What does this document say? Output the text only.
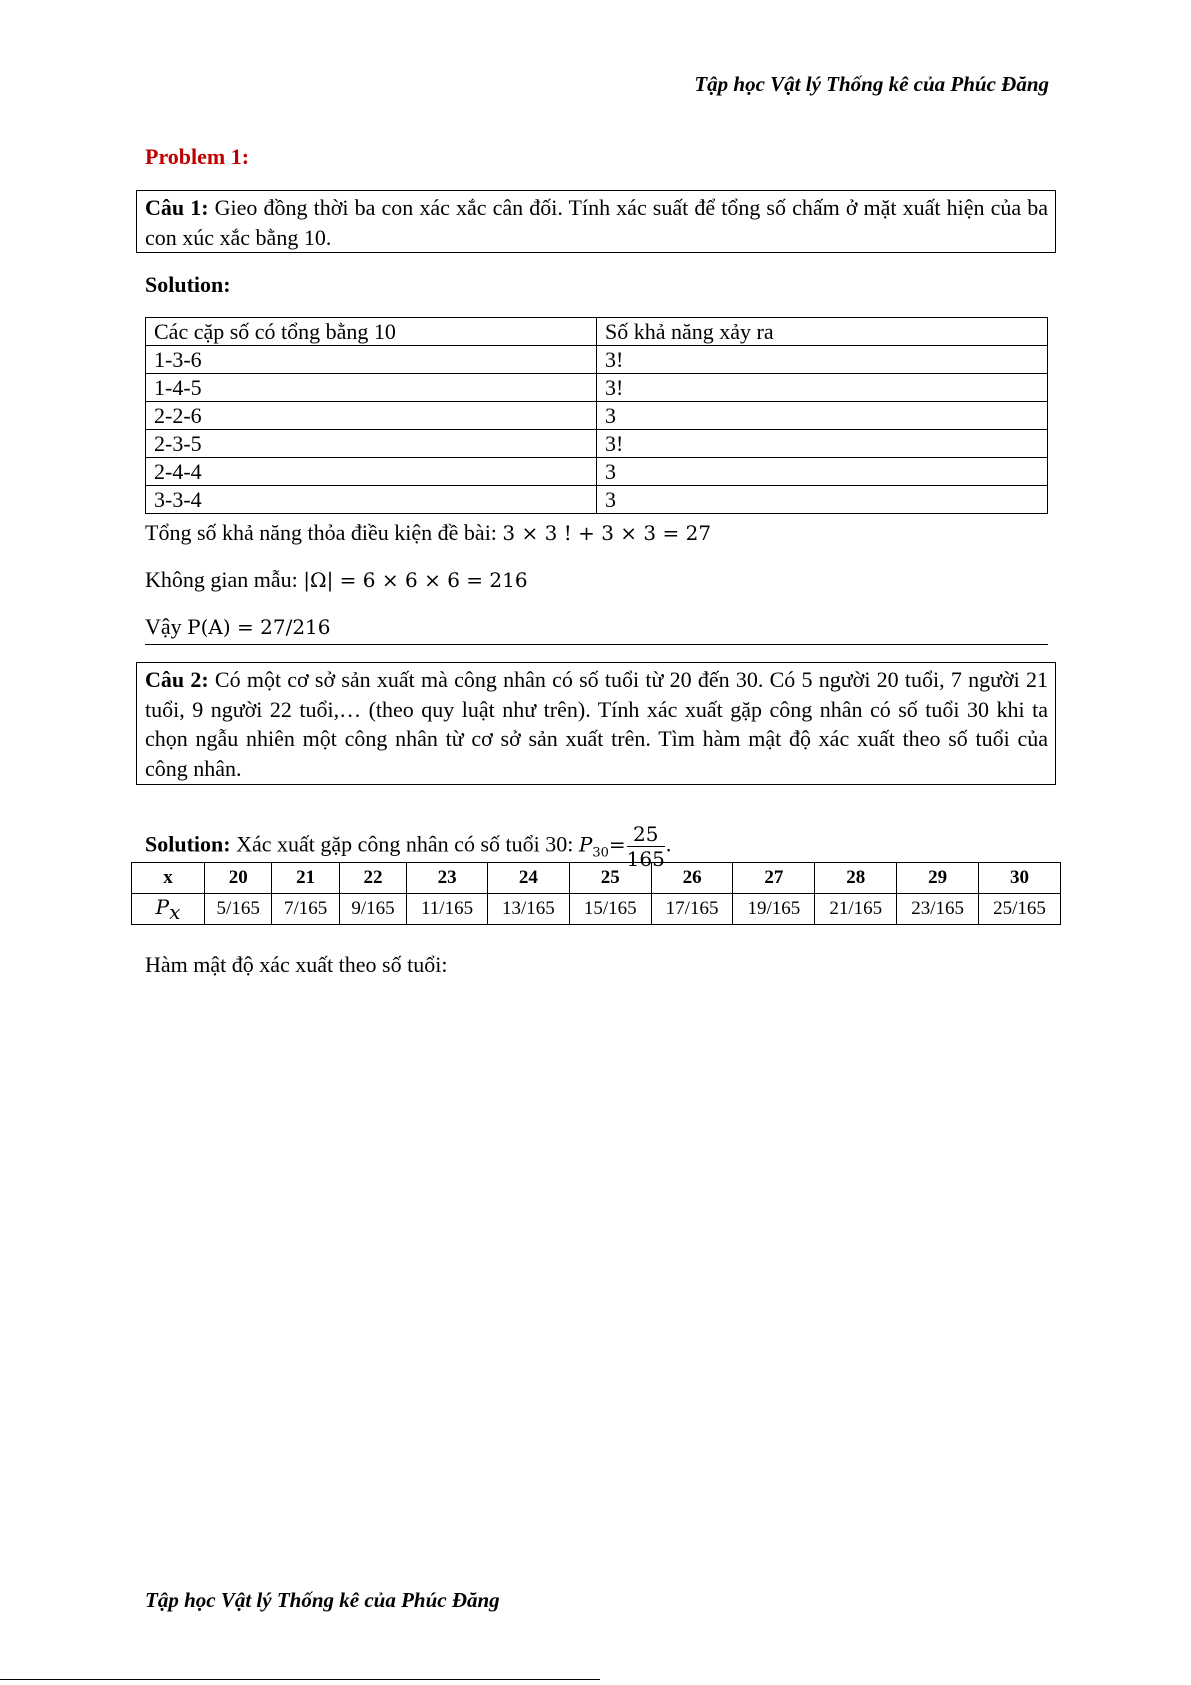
Tập học Vật lý Thống kê của Phúc Đăng
Problem 1:
Câu 1: Gieo đồng thời ba con xác xắc cân đối. Tính xác suất để tổng số chấm ở mặt xuất hiện của ba con xúc xắc bằng 10.
Solution:
Các cặp số có tổng bằng 10	Số khả năng xảy ra
1-3-6	3!
1-4-5	3!
2-2-6	3
2-3-5	3!
2-4-4	3
3-3-4	3
Tổng số khả năng thỏa điều kiện đề bài: 3 × 3 ! + 3 × 3 = 27
Không gian mẫu: |Ω| = 6 × 6 × 6 = 216
Vậy P(A) = 27/216
Câu 2: Có một cơ sở sản xuất mà công nhân có số tuổi từ 20 đến 30. Có 5 người 20 tuổi, 7 người 21 tuổi, 9 người 22 tuổi,… (theo quy luật như trên). Tính xác xuất gặp công nhân có số tuổi 30 khi ta chọn ngẫu nhiên một công nhân từ cơ sở sản xuất trên. Tìm hàm mật độ xác xuất theo số tuổi của công nhân.
Solution: Xác xuất gặp công nhân có số tuổi 30: $P_{30}= \frac{25}{165}$ .
x	20	21	22	23	24	25	26	27	28	29	30
$P_x$	5/165	7/165	9/165	11/165	13/165	15/165	17/165	19/165	21/165	23/165	25/165
Hàm mật độ xác xuất theo số tuổi:
Tập học Vật lý Thống kê của Phúc Đăng
